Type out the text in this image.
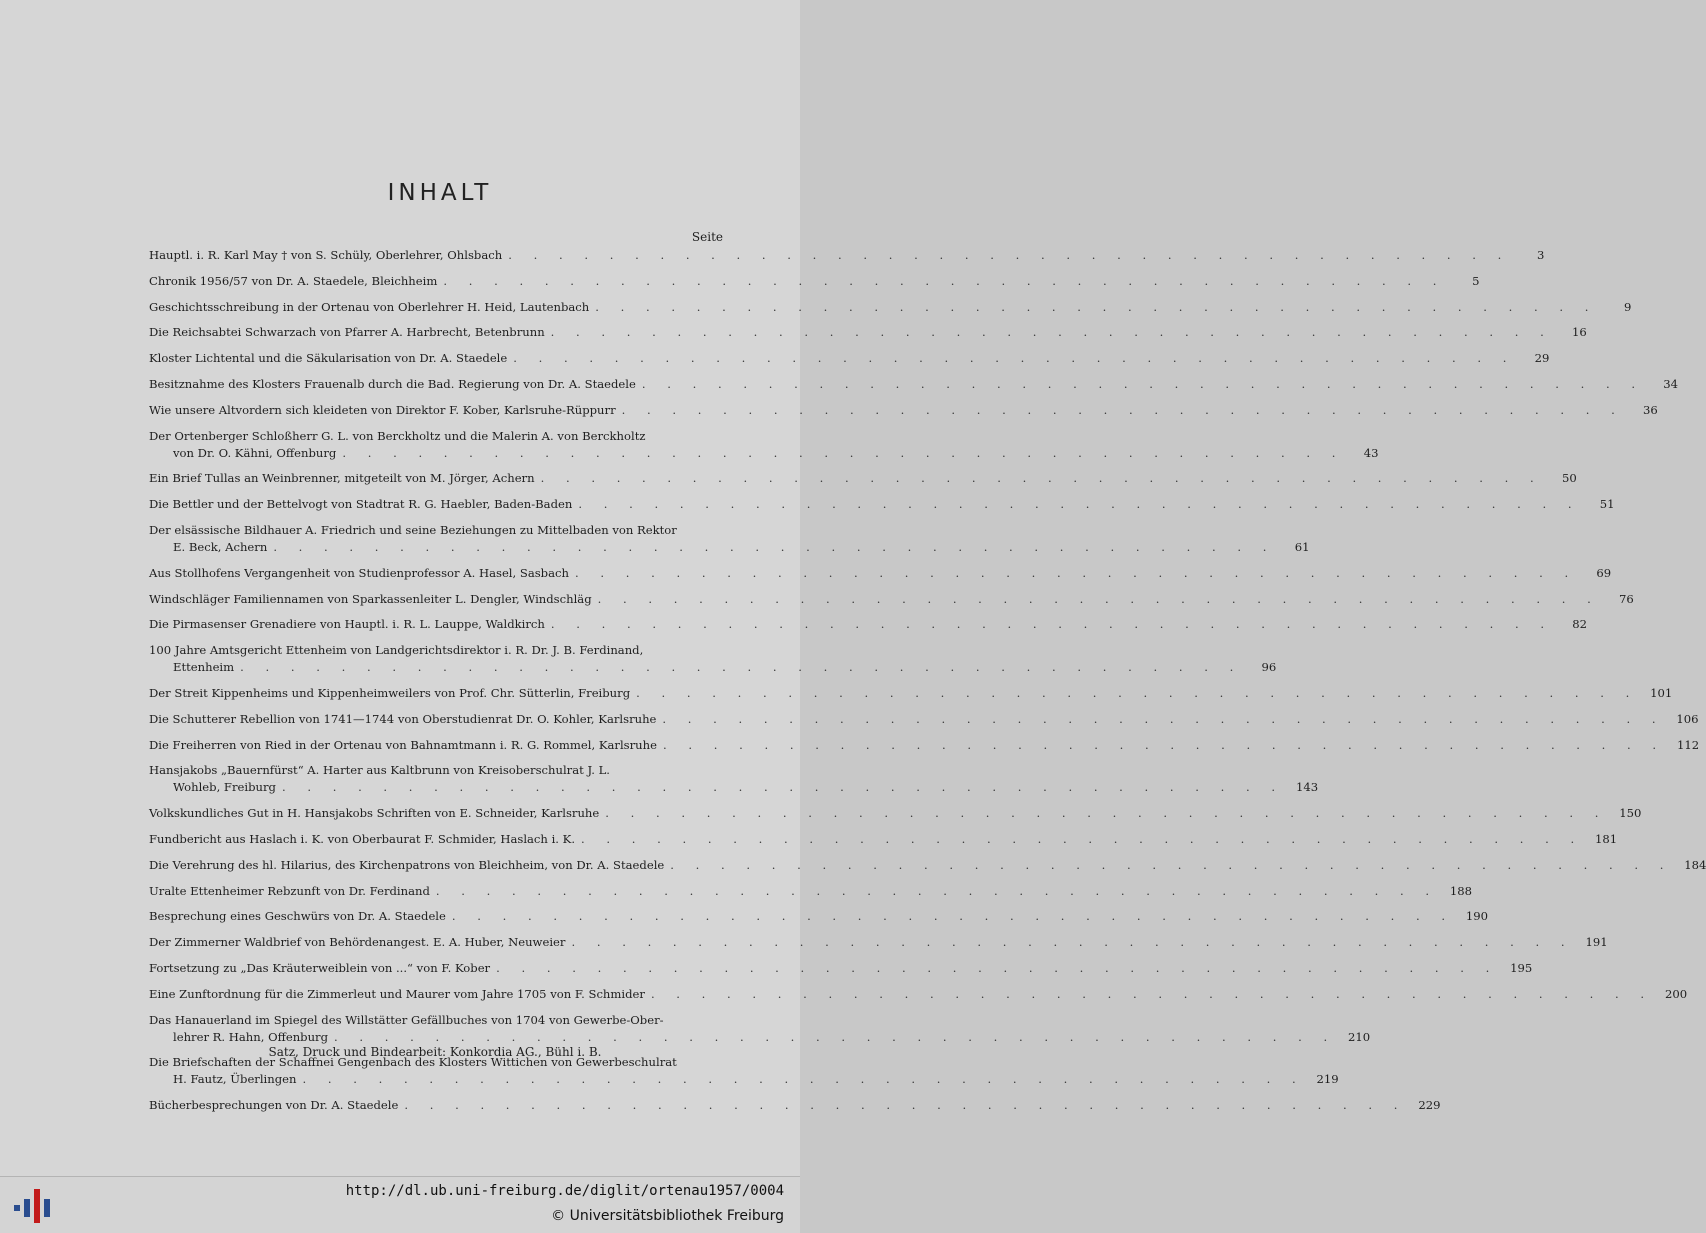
INHALT
Seite
Hauptl. i. R. Karl May † von S. Schüly, Oberlehrer, Ohlsbach . . . . . . . . . . . . . . . . . . . . . . . . . . . . . . . . . . . . . . . .	3
Chronik 1956/57 von Dr. A. Staedele, Bleichheim . . . . . . . . . . . . . . . . . . . . . . . . . . . . . . . . . . . . . . . .	5
Geschichtsschreibung in der Ortenau von Oberlehrer H. Heid, Lautenbach . . . . . . . . . . . . . . . . . . . . . . . . . . . . . . . . . . . . . . . .	9
Die Reichsabtei Schwarzach von Pfarrer A. Harbrecht, Betenbrunn . . . . . . . . . . . . . . . . . . . . . . . . . . . . . . . . . . . . . . . .	16
Kloster Lichtental und die Säkularisation von Dr. A. Staedele . . . . . . . . . . . . . . . . . . . . . . . . . . . . . . . . . . . . . . . .	29
Besitznahme des Klosters Frauenalb durch die Bad. Regierung von Dr. A. Staedele . . . . . . . . . . . . . . . . . . . . . . . . . . . . . . . . . . . . . . . .	34
Wie unsere Altvordern sich kleideten von Direktor F. Kober, Karlsruhe-Rüppurr . . . . . . . . . . . . . . . . . . . . . . . . . . . . . . . . . . . . . . . .	36
Der Ortenberger Schloßherr G. L. von Berckholtz und die Malerin A. von Berckholtz
von Dr. O. Kähni, Offenburg . . . . . . . . . . . . . . . . . . . . . . . . . . . . . . . . . . . . . . . .	43
Ein Brief Tullas an Weinbrenner, mitgeteilt von M. Jörger, Achern . . . . . . . . . . . . . . . . . . . . . . . . . . . . . . . . . . . . . . . .	50
Die Bettler und der Bettelvogt von Stadtrat R. G. Haebler, Baden-Baden . . . . . . . . . . . . . . . . . . . . . . . . . . . . . . . . . . . . . . . .	51
Der elsässische Bildhauer A. Friedrich und seine Beziehungen zu Mittelbaden von Rektor
E. Beck, Achern . . . . . . . . . . . . . . . . . . . . . . . . . . . . . . . . . . . . . . . .	61
Aus Stollhofens Vergangenheit von Studienprofessor A. Hasel, Sasbach . . . . . . . . . . . . . . . . . . . . . . . . . . . . . . . . . . . . . . . .	69
Windschläger Familiennamen von Sparkassenleiter L. Dengler, Windschläg . . . . . . . . . . . . . . . . . . . . . . . . . . . . . . . . . . . . . . . .	76
Die Pirmasenser Grenadiere von Hauptl. i. R. L. Lauppe, Waldkirch . . . . . . . . . . . . . . . . . . . . . . . . . . . . . . . . . . . . . . . .	82
100 Jahre Amtsgericht Ettenheim von Landgerichtsdirektor i. R. Dr. J. B. Ferdinand,
Ettenheim . . . . . . . . . . . . . . . . . . . . . . . . . . . . . . . . . . . . . . . .	96
Der Streit Kippenheims und Kippenheimweilers von Prof. Chr. Sütterlin, Freiburg . . . . . . . . . . . . . . . . . . . . . . . . . . . . . . . . . . . . . . . .	101
Die Schutterer Rebellion von 1741—1744 von Oberstudienrat Dr. O. Kohler, Karlsruhe . . . . . . . . . . . . . . . . . . . . . . . . . . . . . . . . . . . . . . . .	106
Die Freiherren von Ried in der Ortenau von Bahnamtmann i. R. G. Rommel, Karlsruhe . . . . . . . . . . . . . . . . . . . . . . . . . . . . . . . . . . . . . . . .	112
Hansjakobs „Bauernfürst“ A. Harter aus Kaltbrunn von Kreisoberschulrat J. L.
Wohleb, Freiburg . . . . . . . . . . . . . . . . . . . . . . . . . . . . . . . . . . . . . . . .	143
Volkskundliches Gut in H. Hansjakobs Schriften von E. Schneider, Karlsruhe . . . . . . . . . . . . . . . . . . . . . . . . . . . . . . . . . . . . . . . .	150
Fundbericht aus Haslach i. K. von Oberbaurat F. Schmider, Haslach i. K. . . . . . . . . . . . . . . . . . . . . . . . . . . . . . . . . . . . . . . . .	181
Die Verehrung des hl. Hilarius, des Kirchenpatrons von Bleichheim, von Dr. A. Staedele . . . . . . . . . . . . . . . . . . . . . . . . . . . . . . . . . . . . . . . .	184
Uralte Ettenheimer Rebzunft von Dr. Ferdinand . . . . . . . . . . . . . . . . . . . . . . . . . . . . . . . . . . . . . . . .	188
Besprechung eines Geschwürs von Dr. A. Staedele . . . . . . . . . . . . . . . . . . . . . . . . . . . . . . . . . . . . . . . .	190
Der Zimmerner Waldbrief von Behördenangest. E. A. Huber, Neuweier . . . . . . . . . . . . . . . . . . . . . . . . . . . . . . . . . . . . . . . .	191
Fortsetzung zu „Das Kräuterweiblein von ...“ von F. Kober . . . . . . . . . . . . . . . . . . . . . . . . . . . . . . . . . . . . . . . .	195
Eine Zunftordnung für die Zimmerleut und Maurer vom Jahre 1705 von F. Schmider . . . . . . . . . . . . . . . . . . . . . . . . . . . . . . . . . . . . . . . .	200
Das Hanauerland im Spiegel des Willstätter Gefällbuches von 1704 von Gewerbe-Ober-
lehrer R. Hahn, Offenburg . . . . . . . . . . . . . . . . . . . . . . . . . . . . . . . . . . . . . . . .	210
Die Briefschaften der Schaffnei Gengenbach des Klosters Wittichen von Gewerbeschulrat
H. Fautz, Überlingen . . . . . . . . . . . . . . . . . . . . . . . . . . . . . . . . . . . . . . . .	219
Bücherbesprechungen von Dr. A. Staedele . . . . . . . . . . . . . . . . . . . . . . . . . . . . . . . . . . . . . . . .	229
Satz, Druck und Bindearbeit: Konkordia AG., Bühl i. B.
http://dl.ub.uni-freiburg.de/diglit/ortenau1957/0004
© Universitätsbibliothek Freiburg
